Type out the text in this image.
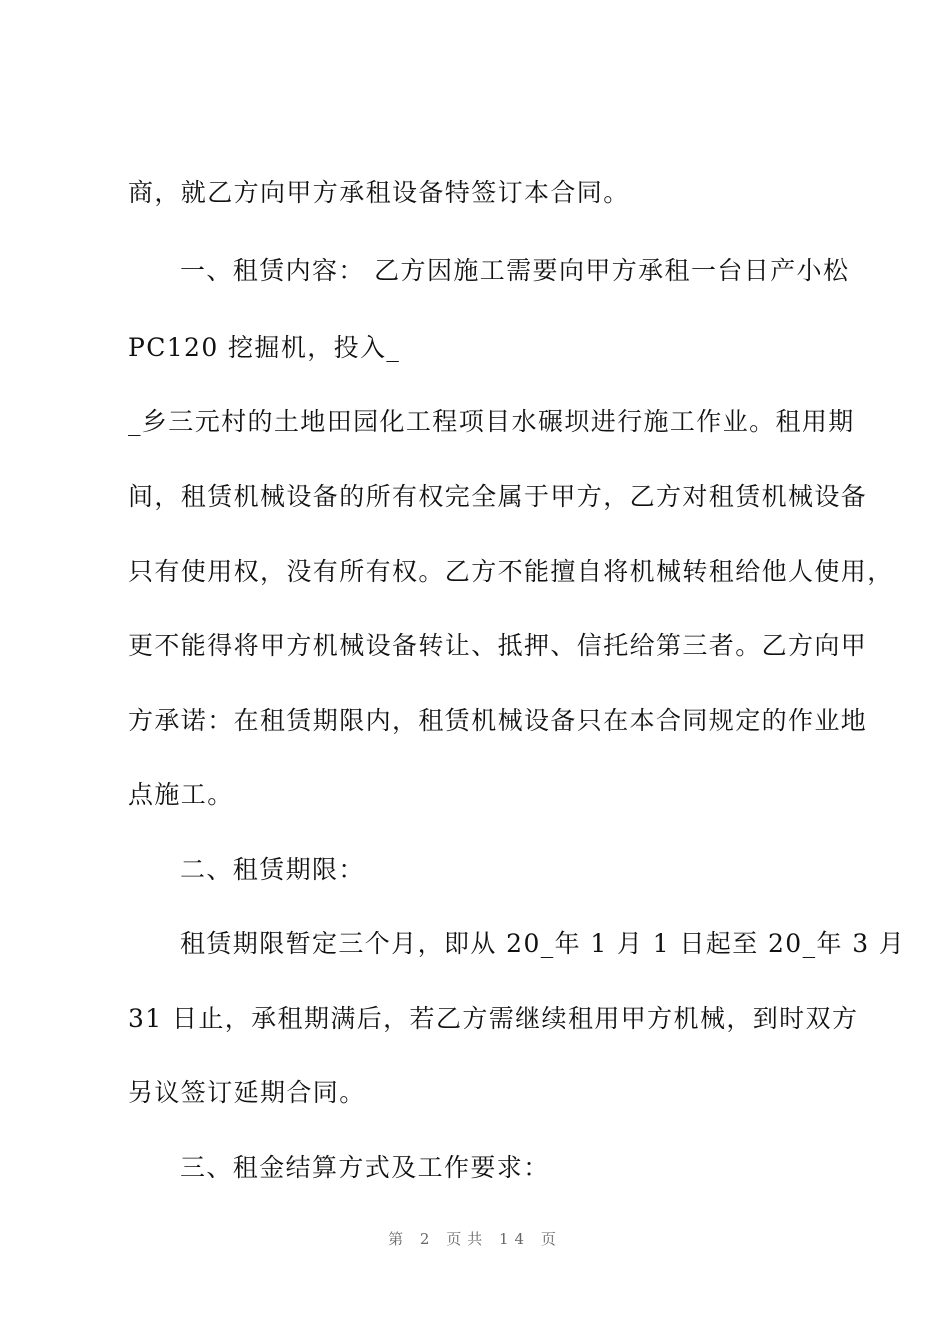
商，就乙方向甲方承租设备特签订本合同。
一、租赁内容： 乙方因施工需要向甲方承租一台日产小松
PC120 挖掘机，投入_
_乡三元村的土地田园化工程项目水碾坝进行施工作业。租用期
间，租赁机械设备的所有权完全属于甲方，乙方对租赁机械设备
只有使用权，没有所有权。乙方不能擅自将机械转租给他人使用，
更不能得将甲方机械设备转让、抵押、信托给第三者。乙方向甲
方承诺：在租赁期限内，租赁机械设备只在本合同规定的作业地
点施工。
二、租赁期限：
租赁期限暂定三个月，即从 20_年 1 月 1 日起至 20_年 3 月
31 日止，承租期满后，若乙方需继续租用甲方机械，到时双方
另议签订延期合同。
三、租金结算方式及工作要求：
第 2 页共 14 页
